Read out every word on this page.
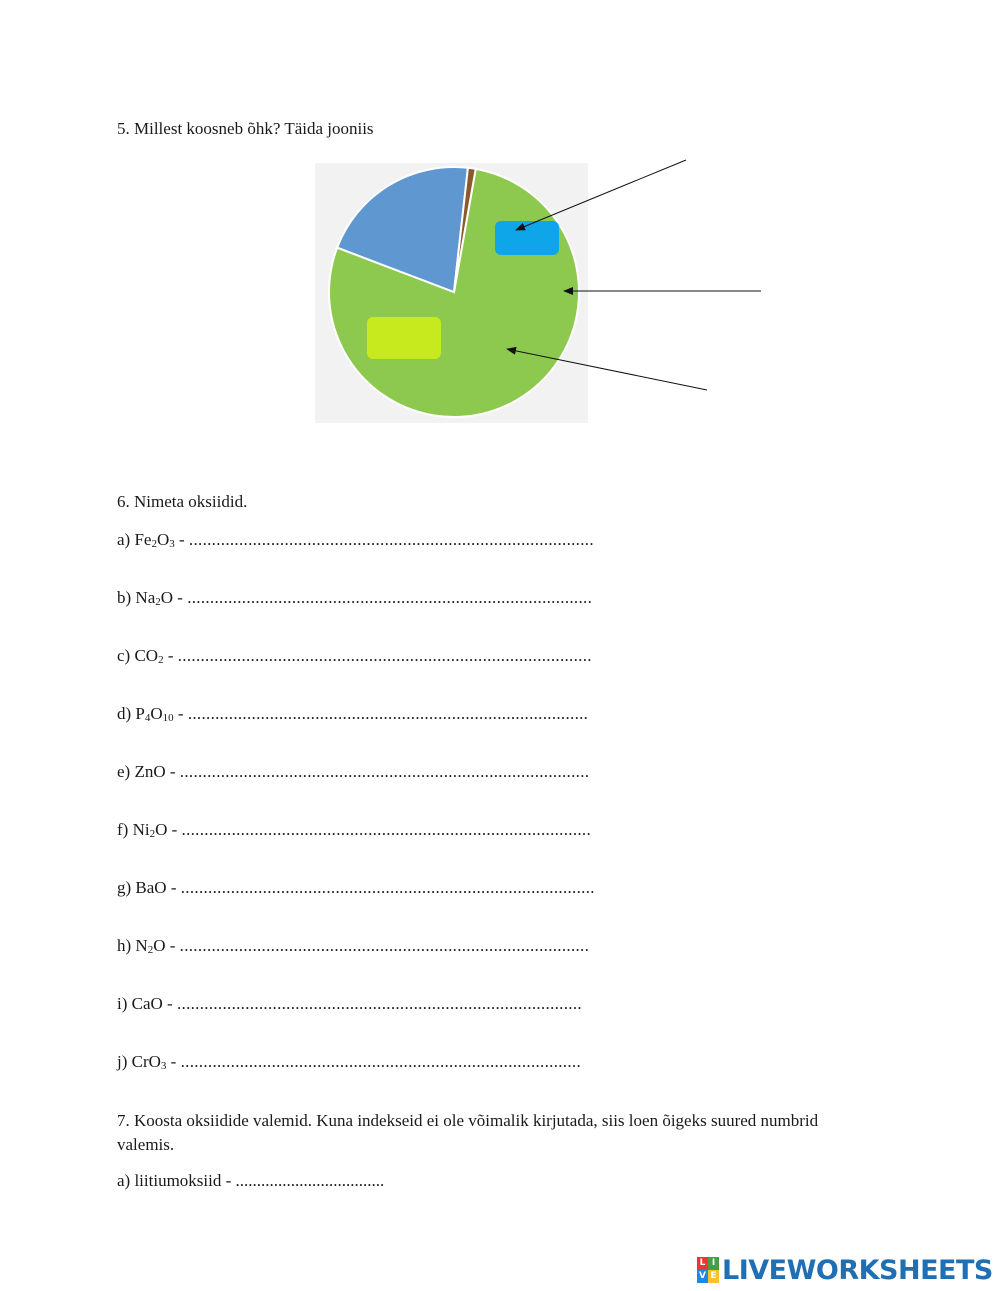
5. Millest koosneb õhk? Täida jooniis
6. Nimeta oksiidid.
a) $Fe_2O_3$ - .........................................................................................
b) $Na_2O$ - .........................................................................................
c) $CO_2$ - ...........................................................................................
d) $P_4O_{10}$ - ........................................................................................
e) ZnO - ..........................................................................................
f) $Ni_2O$ - ..........................................................................................
g) BaO - ...........................................................................................
h) $N_2O$ - ..........................................................................................
i) CaO - .........................................................................................
j) CrO$_3$ - ........................................................................................
7. Koosta oksiidide valemid. Kuna indekseid ei ole võimalik kirjutada, siis loen õigeks suured numbrid valemis.
a) liitiumoksiid - ...................................
L I
V E LIVEWORKSHEETS
